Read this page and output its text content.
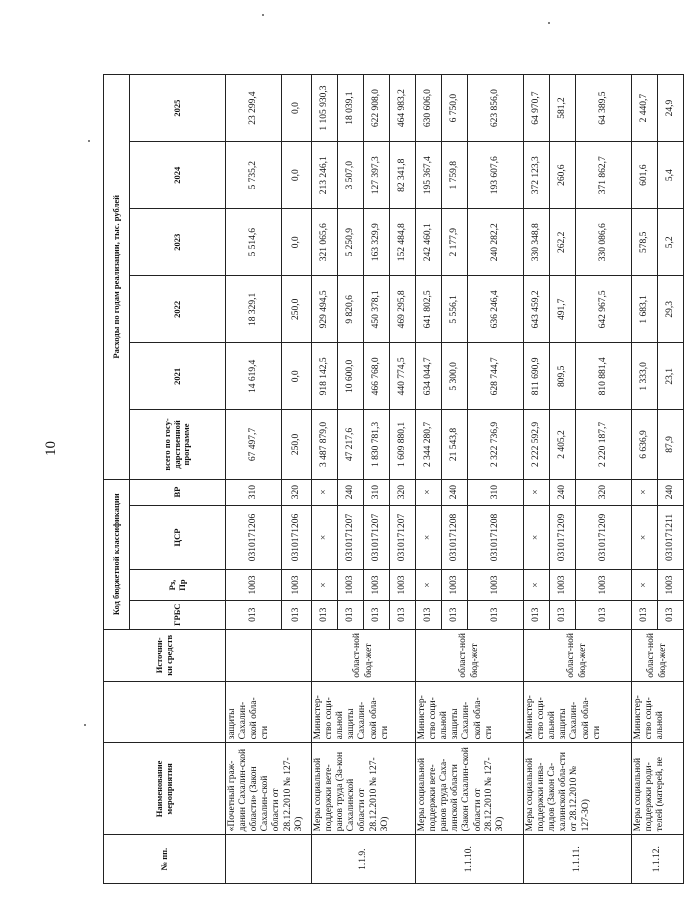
10
№ пп.	Наименование мероприятия		Источни-ки средств	Код бюджетной классификации				Расходы по годам реализации, тыс. рублей					
				ГРБС	Рз, Пр	ЦСР	ВР	всего по госу-дарственной программе	2021	2022	2023	2024	2025
	«Почетный граж-данин Сахалин-ской области» (Закон Сахалин-ской области от 28.12.2010 № 127-ЗО)	защиты Сахалин-ской обла-сти		013	1003	0310171206	310	67 497,7	14 619,4	18 329,1	5 514,6	5 735,2	23 299,4
				013	1003	0310171206	320	250,0	0,0	250,0	0,0	0,0	0,0
1.1.9.	Меры социальной поддержки вете-ранов труда (За-кон Сахалинской области от 28.12.2010 № 127-ЗО)	Министер-ство соци-альной защиты Сахалин-ской обла-сти	област-ной бюд-жет	013	×	×	×	3 487 879,0	918 142,5	929 494,5	321 065,6	213 246,1	1 105 930,3
				013	1003	0310171207	240	47 217,6	10 600,0	9 820,6	5 250,9	3 507,0	18 039,1
				013	1003	0310171207	310	1 830 781,3	466 768,0	450 378,1	163 329,9	127 397,3	622 908,0
				013	1003	0310171207	320	1 609 880,1	440 774,5	469 295,8	152 484,8	82 341,8	464 983,2
1.1.10.	Меры социальной поддержки вете-ранов труда Саха-линской области (Закон Сахалин-ской области от 28.12.2010 № 127-ЗО)	Министер-ство соци-альной защиты Сахалин-ской обла-сти	област-ной бюд-жет	013	×	×	×	2 344 280,7	634 044,7	641 802,5	242 460,1	195 367,4	630 606,0
				013	1003	0310171208	240	21 543,8	5 300,0	5 556,1	2 177,9	1 759,8	6 750,0
				013	1003	0310171208	310	2 322 736,9	628 744,7	636 246,4	240 282,2	193 607,6	623 856,0
1.1.11.	Меры социальной поддержки инва-лидов (Закон Са-халинской обла-сти от 28.12.2010 № 127-ЗО)	Министер-ство соци-альной защиты Сахалин-ской обла-сти	област-ной бюд-жет	013	×	×	×	2 222 592,9	811 690,9	643 459,2	330 348,8	372 123,3	64 970,7
				013	1003	0310171209	240	2 405,2	809,5	491,7	262,2	260,6	581,2
				013	1003	0310171209	320	2 220 187,7	810 881,4	642 967,5	330 086,6	371 862,7	64 389,5
1.1.12.	Меры социальной поддержки роди-телей (матерей, не	Министер-ство соци-альной	област-ной бюд-жет	013	×	×	×	6 636,9	1 333,0	1 683,1	578,5	601,6	2 440,7
				013	1003	0310171211	240	87,9	23,1	29,3	5,2	5,4	24,9
